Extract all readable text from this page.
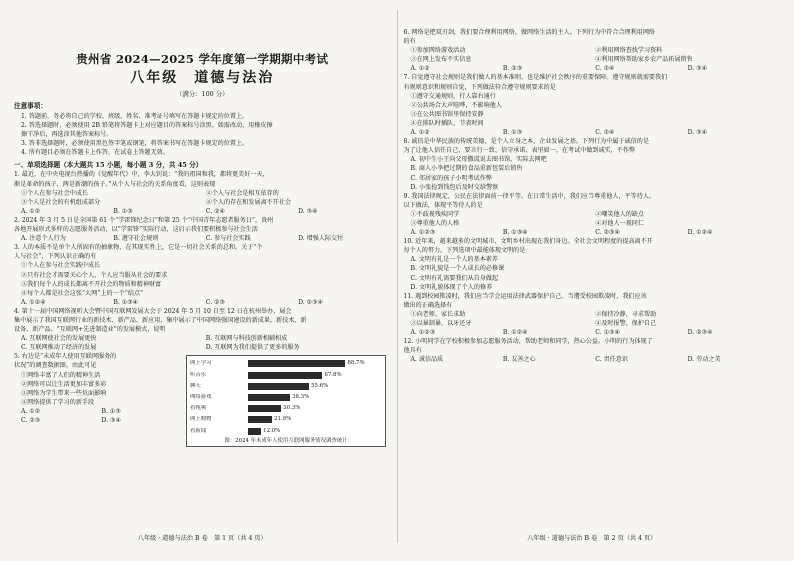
贵州省 2024—2025 学年度第一学期期中考试
八年级　道德与法治
（满分：100 分）
注意事项：

1. 答题前，务必将自己的学校、班级、姓名、准考证号填写在答题卡规定的位置上。

2. 答选择题时，必须使用 2B 铅笔将答题卡上对应题目的答案标号涂黑。如需改动，用橡皮擦

擦干净后，再选涂其他答案标号。

3. 答非选择题时，必须使用黑色签字笔或钢笔，将答案书写在答题卡规定的位置上。

4. 所有题目必须在答题卡上作答，在试卷上答题无效。

一、单项选择题（本大题共 15 小题，每小题 3 分，共 45 分）

1. 最近，在中央电视台热播的《觉醒年代》中，李大钊说：“我的祖国和我，都将更美好一天，

渐是革命的孩子，两是新潮的孩子。”从个人与社会的关系角度看，这则表现

①个人在参与社会中成长	②个人与社会是相互依存的
③个人是社会的有机组成部分	④个人的存在和发展离不开社会
A. ①②	B. ①③	C. ②④	D. ③④

2. 2024 年 3 月 5 日是全国第 61 个“学雷锋纪念日”和第 25 个“中国青年志愿者服务日”，贵州

各地开展形式多样的志愿服务活动，以“学雷锋”实际行动，这启示我们要积极参与社会生活

A. 注意个人行为	B. 遵守社会规则	C. 参与社会实践	D. 增强人际交往

3. 人的本质不是单个人所固有的抽象物，在其现实性上，它是一切社会关系的总和。关于“个

人与社会”，下列认识正确的有

①个人在参与社会实践中成长

②只有社会才需要关心个人，个人应当服从社会的要求

③我们每个人的成长都离不开社会的物质和精神财富

④每个人都是社会这张“大网”上的一个“结点”

A. ①②④	B. ①③④	C. ②③	D. ②③④

4. 第十一届中国网络视听大会暨中国互联网发展大会于 2024 年 5 月 10 日至 12 日在杭州举办，展会

集中展示了我国互联网行业的新技术、新产品、新应用，集中展示了中国网络强国建设的新成果。新技术、新

设备、新产品。“互联网+先进制造业”的发展模式，说明

A. 互联网使社会的发展更快	B. 互联网与科技创新相辅相成
C. 互联网推动了经济的发展	D. 互联网为我们提供了更多的服务

5. 右边是“未成年人使用互联网服务的

状况”的调查数据图。由此可见

①网络丰富了人们的精神生活

②网络可以让生活更加丰富多彩

③网络为学生带来一些负面影响

④网络提供了学习的新手段

A. ①②	B. ①③
C. ②③	D. ③④
网上学习	88.7%
听音乐	67.8%
聊天	55.6%
网络游戏	38.3%
看视频	30.3%
网上购物	21.9%
看新闻	12.0%
图：2024 年未成年人使用互联网服务情况调查统计
八年级 · 道德与法治 B 卷　第 1 页（共 4 页）

6. 网络是把双刃剑，我们要合理利用网络，做网络生活的主人。下列行为中符合合理利用网络

的有

①参加网络游戏活动	②利用网络查找学习资料
③在网上发布不实信息	④利用网络帮助家乡农产品拓展销售
A. ①②	B. ②③	C. ②④	D. ③④

7. 自觉遵守社会规则是我们做人的基本准则，也是维护社会秩序的重要保障。遵守规则就需要我们

有规则意识和规则自觉，下列做法符合遵守规则要求的是

①遵守交通规则，行人靠右通行

②公共场合大声喧哗，不影响他人

③在公共图书馆里保持安静

④在排队时插队，节省时间

A. ①②	B. ①③	C. ②④	D. ③④

8. 诚信是中华民族的传统美德，是个人立身之本、企业发展之基。下列行为中属于诚信的是

为了让他人信任自己，要言行一致、信守承诺、表里如一，在考试中做到诚实，不作弊

A. 初中生小王向父母撒谎说去图书馆，实际去网吧

B. 商人小李把过期的食品重新包装后销售

C. 邻居家的孩子小明考试作弊

D. 小张捡到钱包后及时交给警察

9. 我国法律规定，公民在法律面前一律平等。在日常生活中，我们应当尊重他人，平等待人。

以下做法，体现平等待人的是

①不歧视残疾同学	②嘲笑他人的缺点
③尊重他人的人格	④对他人一视同仁
A. ①②③	B. ①③④	C. ②③④	D. ①②④

10. 近年来，越来越多的文明城市、文明乡村出现在我们身边。全社会文明程度的提高离不开

每个人的努力，下列选项中最能体现文明的是

A. 文明有礼是一个人的基本素养

B. 文明礼貌是一个人成长的必修课

C. 文明有礼需要我们从自身做起

D. 文明礼貌体现了个人的修养

11. 遇到校园欺凌时，我们应当学会运用法律武器保护自己。当遭受校园欺凌时，我们应该

做出的正确选择有

①向老师、家长求助	②保持冷静，寻求帮助
③以暴制暴，以牙还牙	④及时报警，保护自己
A. ①②③	B. ①②④	C. ①③④	D. ②③④

12. 小明同学在学校积极参加志愿服务活动，帮助老师和同学，热心公益。小明的行为体现了

他具有

A. 诚信品质	B. 友善之心	C. 责任意识	D. 劳动之美
八年级 · 道德与法治 B 卷　第 2 页（共 4 页）
